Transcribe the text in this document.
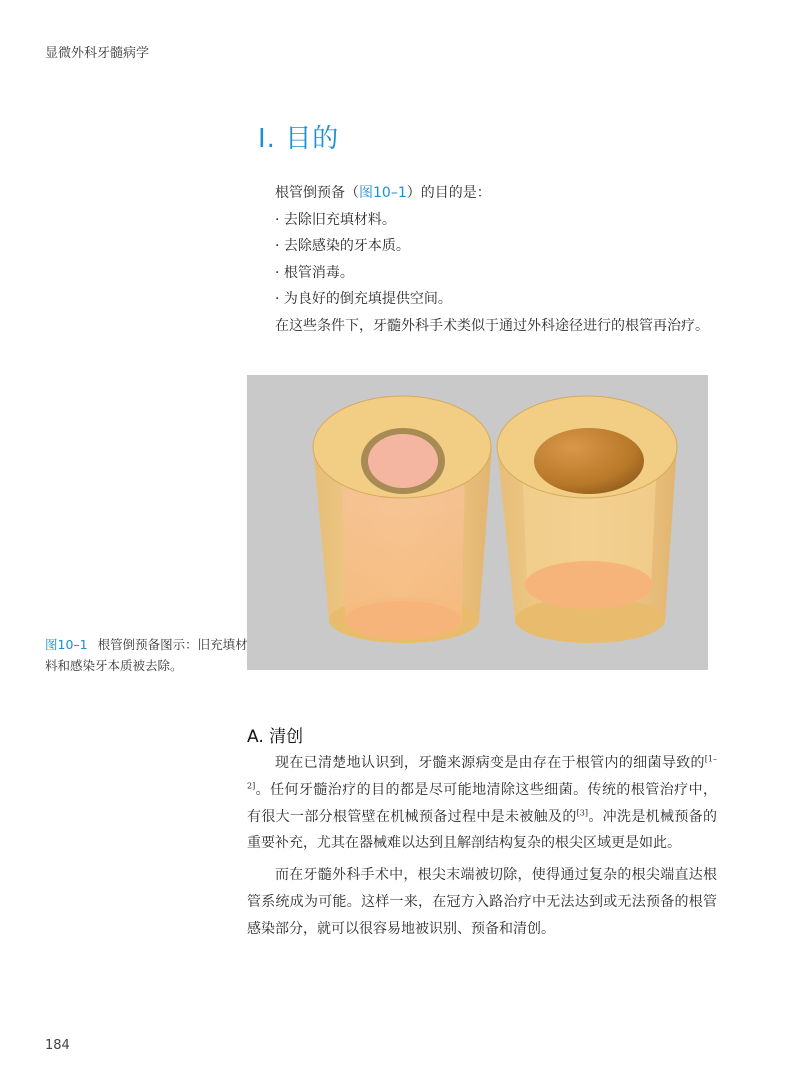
显微外科牙髓病学
Ⅰ. 目的
根管倒预备（图10–1）的目的是：
· 去除旧充填材料。
· 去除感染的牙本质。
· 根管消毒。
· 为良好的倒充填提供空间。
在这些条件下，牙髓外科手术类似于通过外科途径进行的根管再治疗。
图10–1 根管倒预备图示：旧充填材料和感染牙本质被去除。
A. 清创

现在已清楚地认识到，牙髓来源病变是由存在于根管内的细菌导致的[1–2]。任何牙髓治疗的目的都是尽可能地清除这些细菌。传统的根管治疗中，有很大一部分根管壁在机械预备过程中是未被触及的[3]。冲洗是机械预备的重要补充，尤其在器械难以达到且解剖结构复杂的根尖区域更是如此。

而在牙髓外科手术中，根尖末端被切除，使得通过复杂的根尖端直达根管系统成为可能。这样一来，在冠方入路治疗中无法达到或无法预备的根管感染部分，就可以很容易地被识别、预备和清创。

184
